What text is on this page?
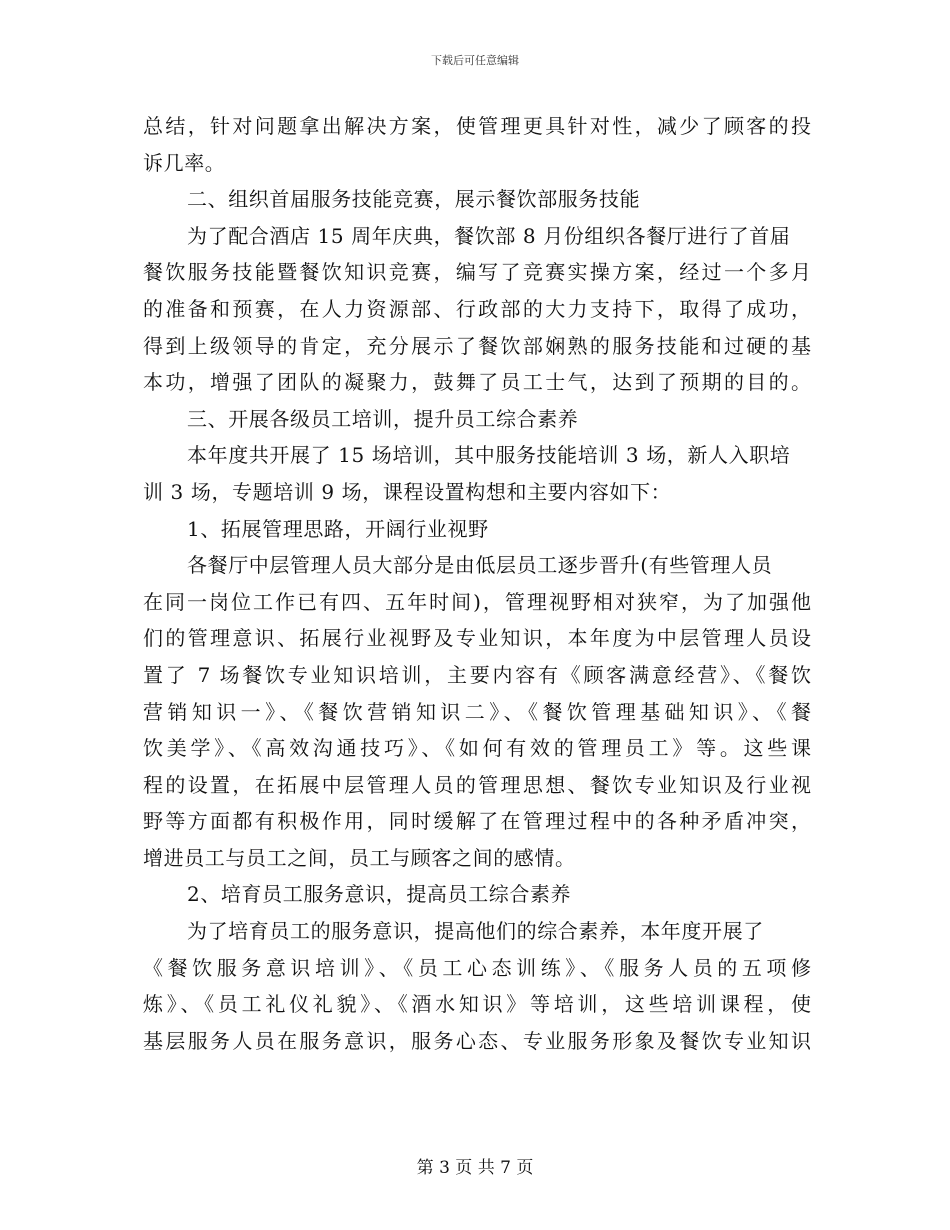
下载后可任意编辑
总结，针对问题拿出解决方案，使管理更具针对性，减少了顾客的投
诉几率。
二、组织首届服务技能竞赛，展示餐饮部服务技能
为了配合酒店 15 周年庆典，餐饮部 8 月份组织各餐厅进行了首届
餐饮服务技能暨餐饮知识竞赛，编写了竞赛实操方案，经过一个多月
的准备和预赛，在人力资源部、行政部的大力支持下，取得了成功，
得到上级领导的肯定，充分展示了餐饮部娴熟的服务技能和过硬的基
本功，增强了团队的凝聚力，鼓舞了员工士气，达到了预期的目的。
三、开展各级员工培训，提升员工综合素养
本年度共开展了 15 场培训，其中服务技能培训 3 场，新人入职培
训 3 场，专题培训 9 场，课程设置构想和主要内容如下：
1、拓展管理思路，开阔行业视野
各餐厅中层管理人员大部分是由低层员工逐步晋升(有些管理人员
在同一岗位工作已有四、五年时间)，管理视野相对狭窄，为了加强他
们的管理意识、拓展行业视野及专业知识，本年度为中层管理人员设
置了 7 场餐饮专业知识培训，主要内容有《顾客满意经营》、《餐饮
营销知识一》、《餐饮营销知识二》、《餐饮管理基础知识》、《餐
饮美学》、《高效沟通技巧》、《如何有效的管理员工》等。这些课
程的设置，在拓展中层管理人员的管理思想、餐饮专业知识及行业视
野等方面都有积极作用，同时缓解了在管理过程中的各种矛盾冲突，
增进员工与员工之间，员工与顾客之间的感情。
2、培育员工服务意识，提高员工综合素养
为了培育员工的服务意识，提高他们的综合素养，本年度开展了
《餐饮服务意识培训》、《员工心态训练》、《服务人员的五项修
炼》、《员工礼仪礼貌》、《酒水知识》等培训，这些培训课程，使
基层服务人员在服务意识，服务心态、专业服务形象及餐饮专业知识
第 3 页 共 7 页
